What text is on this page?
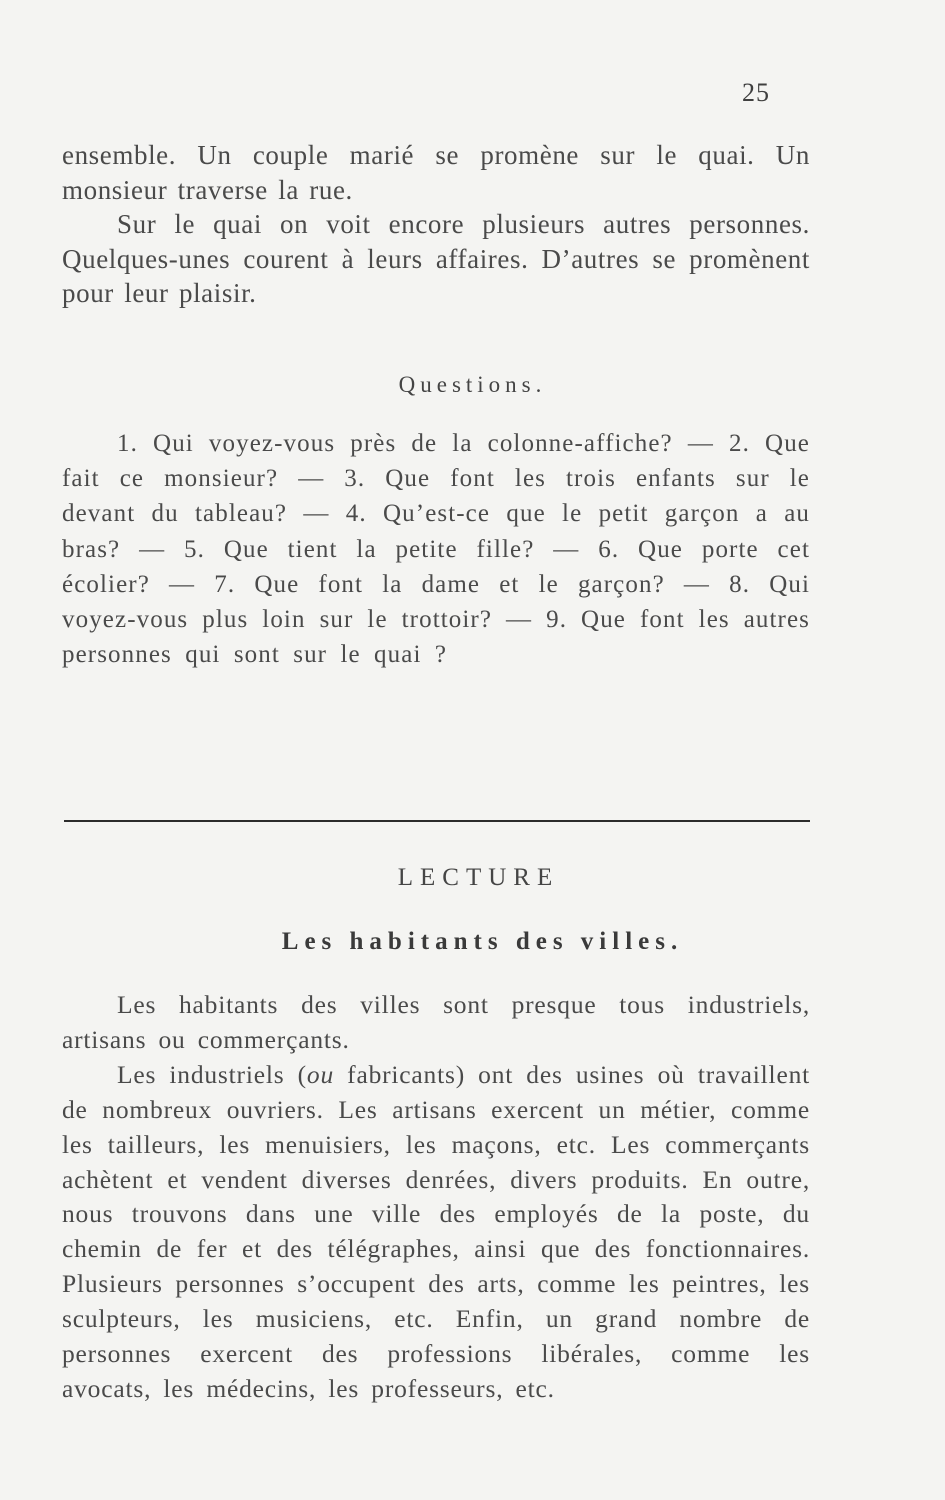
25

ensemble. Un couple marié se promène sur le quai. Un monsieur traverse la rue.

Sur le quai on voit encore plusieurs autres personnes. Quelques-unes courent à leurs affaires. D’autres se promènent pour leur plaisir.

Questions.

1. Qui voyez-vous près de la colonne-affiche? — 2. Que fait ce monsieur? — 3. Que font les trois enfants sur le devant du tableau? — 4. Qu’est-ce que le petit garçon a au bras? — 5. Que tient la petite fille? — 6. Que porte cet écolier? — 7. Que font la dame et le garçon? — 8. Qui voyez-vous plus loin sur le trottoir? — 9. Que font les autres personnes qui sont sur le quai ?

LECTURE
Les habitants des villes.

Les habitants des villes sont presque tous industriels, artisans ou commerçants.

Les industriels (ou fabricants) ont des usines où travaillent de nombreux ouvriers. Les artisans exercent un métier, comme les tailleurs, les menuisiers, les maçons, etc. Les commerçants achètent et vendent diverses denrées, divers produits. En outre, nous trouvons dans une ville des employés de la poste, du chemin de fer et des télégraphes, ainsi que des fonctionnaires. Plusieurs personnes s’occupent des arts, comme les peintres, les sculpteurs, les musiciens, etc. Enfin, un grand nombre de personnes exercent des professions libérales, comme les avocats, les médecins, les professeurs, etc.
